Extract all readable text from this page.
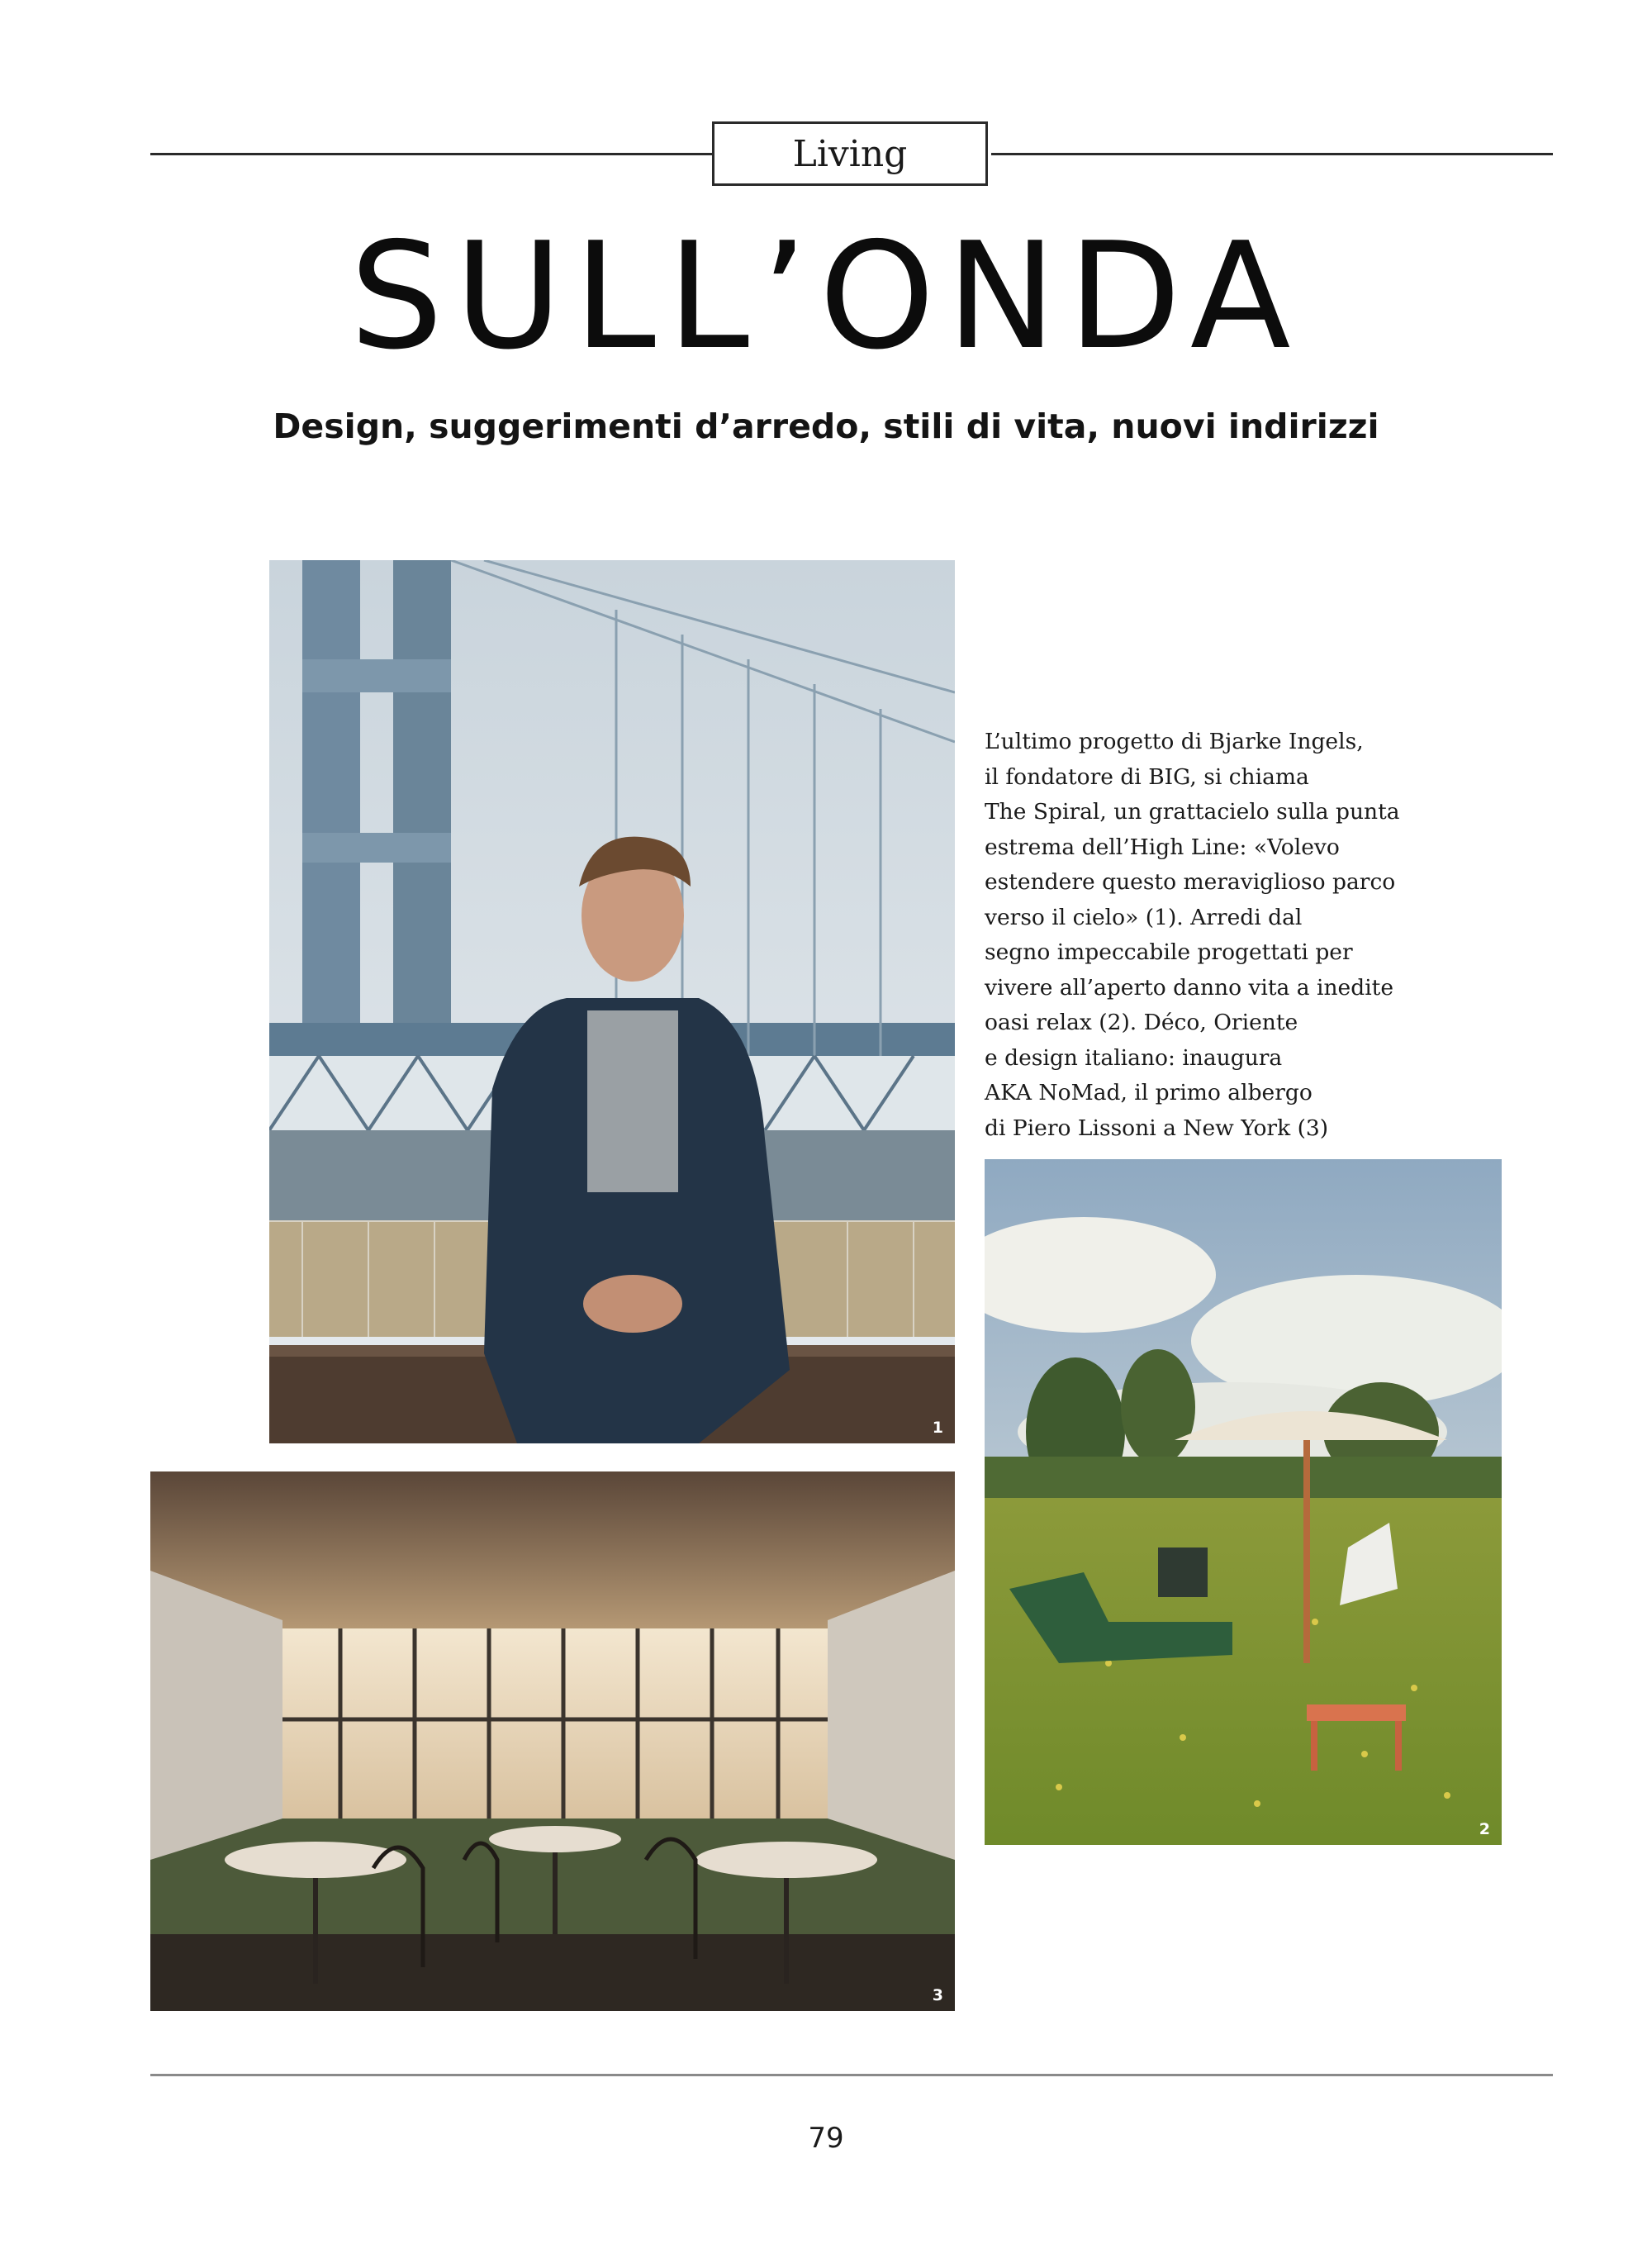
Living
SULL’ONDA
Design, suggerimenti d’arredo, stili di vita, nuovi indirizzi
1
L’ultimo progetto di Bjarke Ingels,
il fondatore di BIG, si chiama
The Spiral, un grattacielo sulla punta
estrema dell’High Line: «Volevo
estendere questo meraviglioso parco
verso il cielo» (1). Arredi dal
segno impeccabile progettati per
vivere all’aperto danno vita a inedite
oasi relax (2). Déco, Oriente
e design italiano: inaugura
AKA NoMad, il primo albergo
di Piero Lissoni a New York (3)
2
3
79
